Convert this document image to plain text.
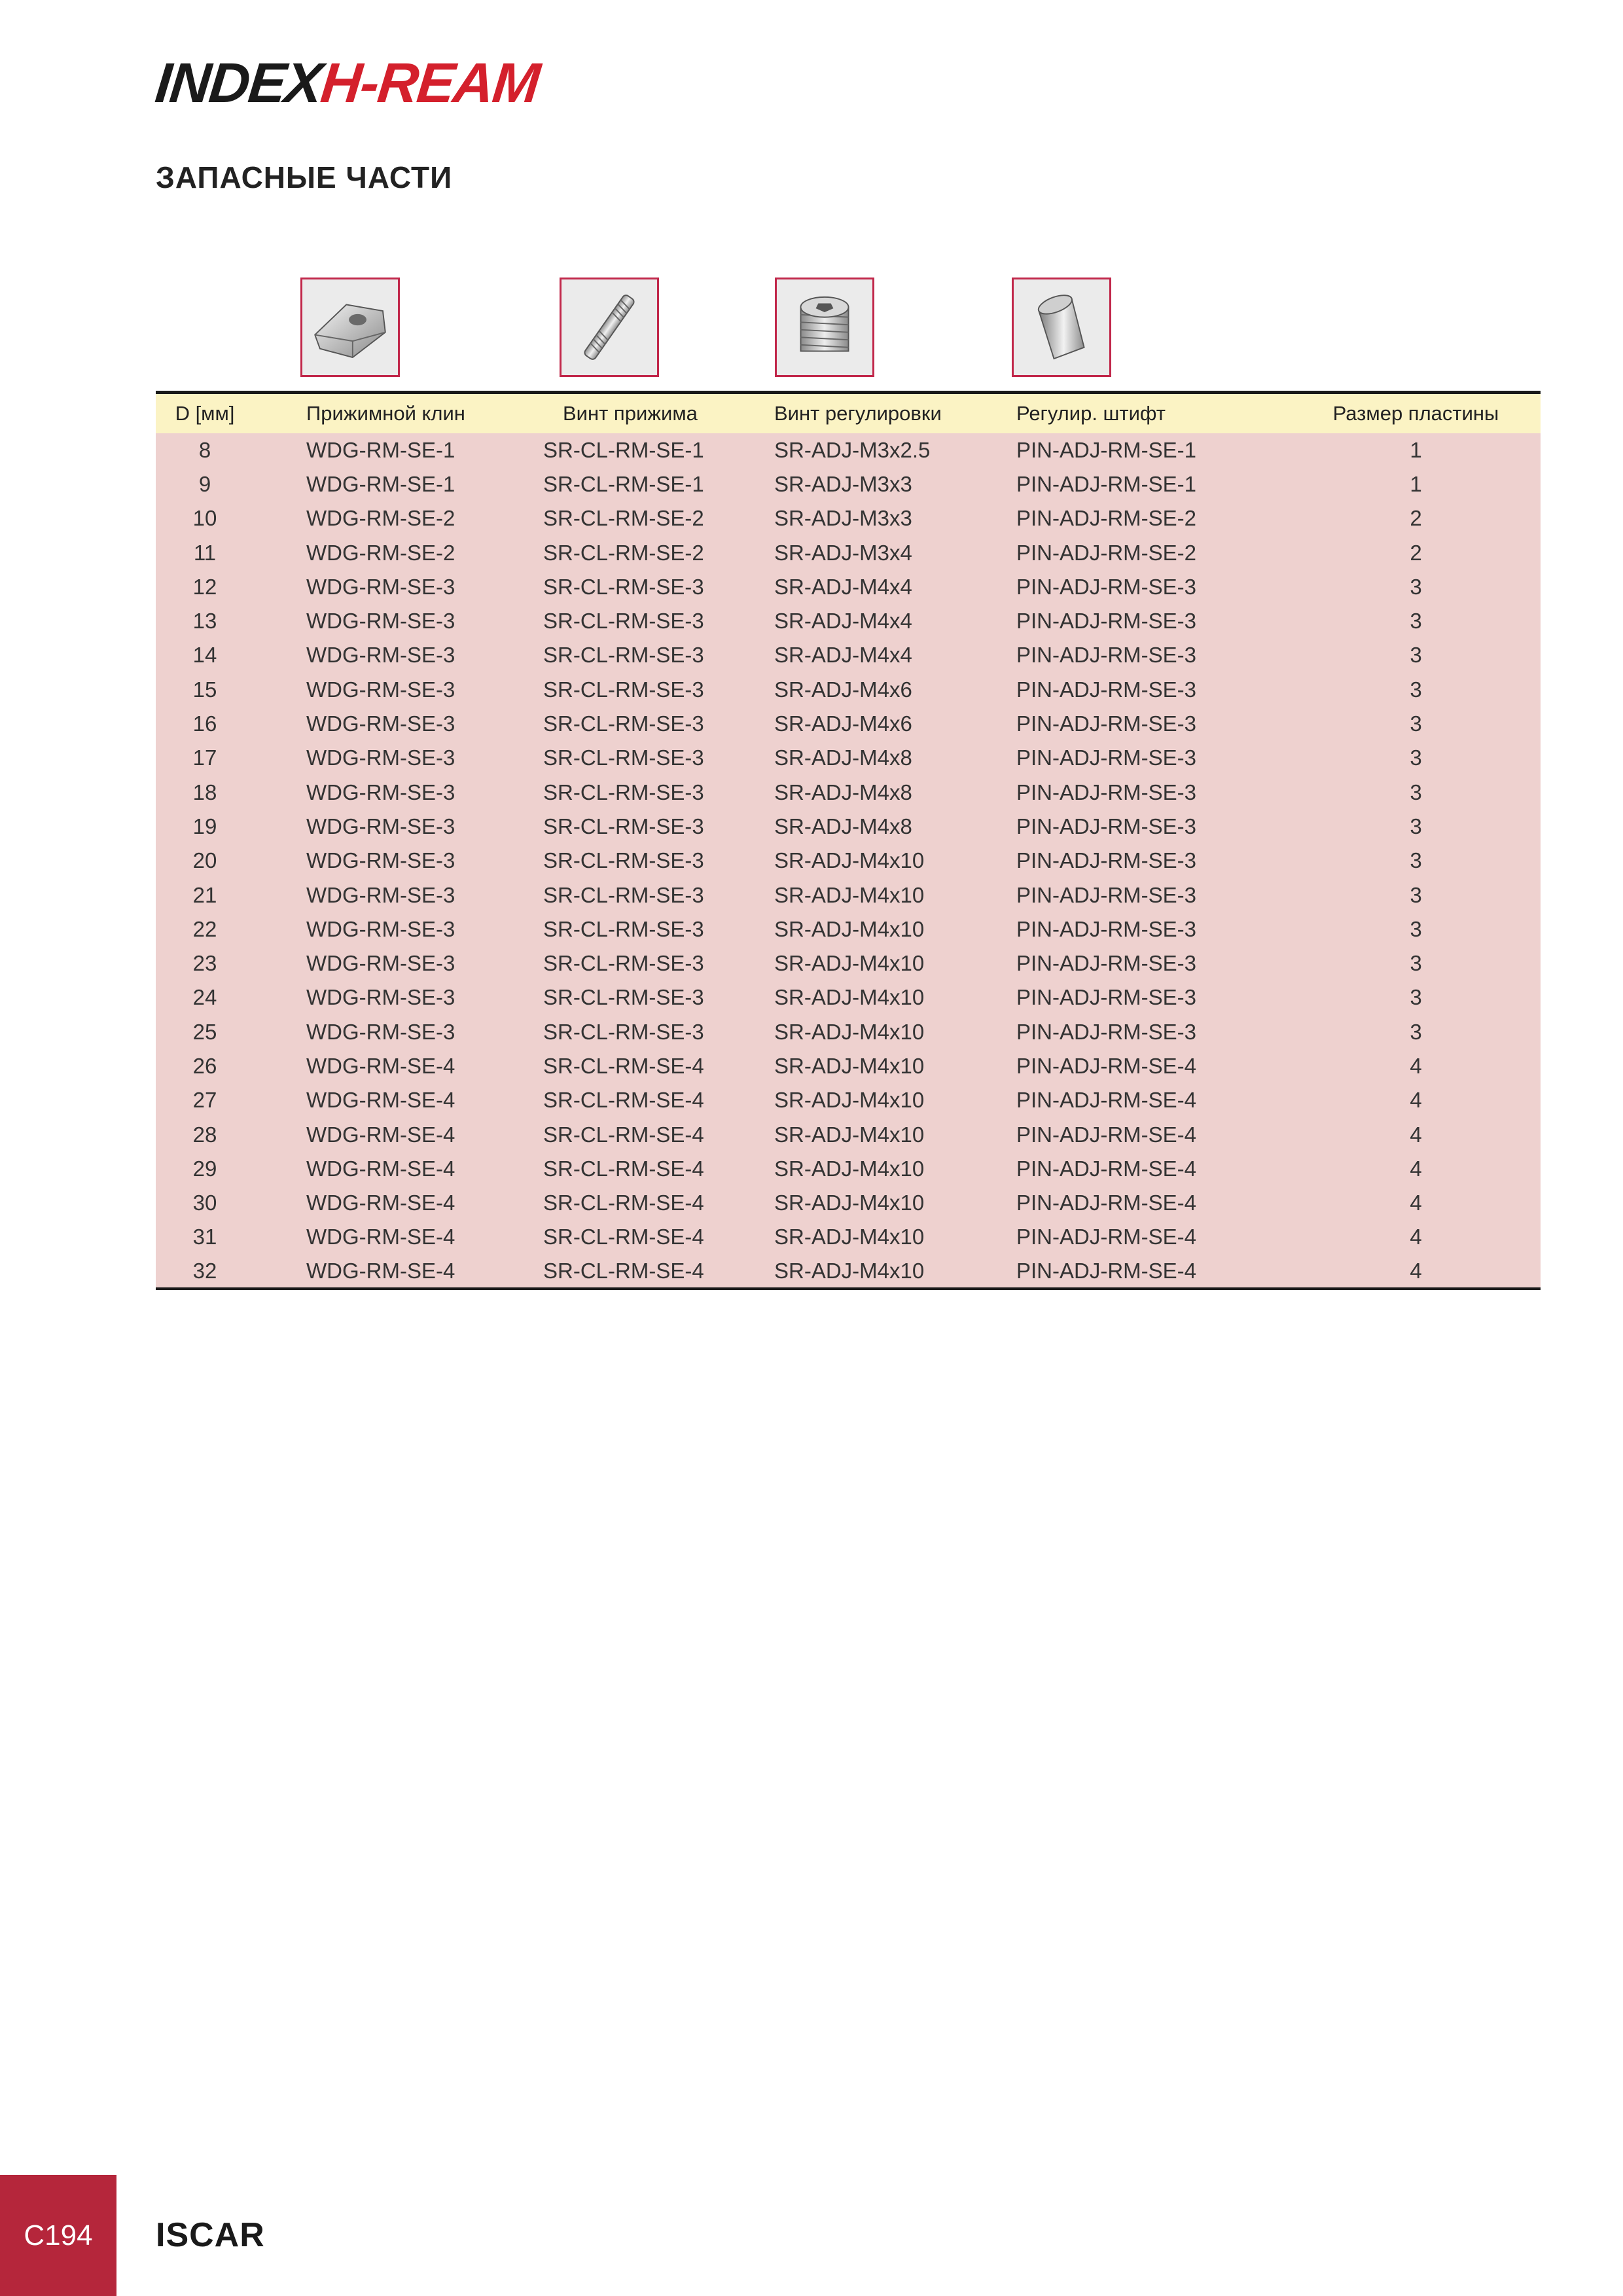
INDEXH-REAM
ЗАПАСНЫЕ ЧАСТИ
D [мм]	Прижимной клин	Винт прижима	Винт регулировки	Регулир. штифт	Размер пластины
8	WDG-RM-SE-1	SR-CL-RM-SE-1	SR-ADJ-M3x2.5	PIN-ADJ-RM-SE-1	1
9	WDG-RM-SE-1	SR-CL-RM-SE-1	SR-ADJ-M3x3	PIN-ADJ-RM-SE-1	1
10	WDG-RM-SE-2	SR-CL-RM-SE-2	SR-ADJ-M3x3	PIN-ADJ-RM-SE-2	2
11	WDG-RM-SE-2	SR-CL-RM-SE-2	SR-ADJ-M3x4	PIN-ADJ-RM-SE-2	2
12	WDG-RM-SE-3	SR-CL-RM-SE-3	SR-ADJ-M4x4	PIN-ADJ-RM-SE-3	3
13	WDG-RM-SE-3	SR-CL-RM-SE-3	SR-ADJ-M4x4	PIN-ADJ-RM-SE-3	3
14	WDG-RM-SE-3	SR-CL-RM-SE-3	SR-ADJ-M4x4	PIN-ADJ-RM-SE-3	3
15	WDG-RM-SE-3	SR-CL-RM-SE-3	SR-ADJ-M4x6	PIN-ADJ-RM-SE-3	3
16	WDG-RM-SE-3	SR-CL-RM-SE-3	SR-ADJ-M4x6	PIN-ADJ-RM-SE-3	3
17	WDG-RM-SE-3	SR-CL-RM-SE-3	SR-ADJ-M4x8	PIN-ADJ-RM-SE-3	3
18	WDG-RM-SE-3	SR-CL-RM-SE-3	SR-ADJ-M4x8	PIN-ADJ-RM-SE-3	3
19	WDG-RM-SE-3	SR-CL-RM-SE-3	SR-ADJ-M4x8	PIN-ADJ-RM-SE-3	3
20	WDG-RM-SE-3	SR-CL-RM-SE-3	SR-ADJ-M4x10	PIN-ADJ-RM-SE-3	3
21	WDG-RM-SE-3	SR-CL-RM-SE-3	SR-ADJ-M4x10	PIN-ADJ-RM-SE-3	3
22	WDG-RM-SE-3	SR-CL-RM-SE-3	SR-ADJ-M4x10	PIN-ADJ-RM-SE-3	3
23	WDG-RM-SE-3	SR-CL-RM-SE-3	SR-ADJ-M4x10	PIN-ADJ-RM-SE-3	3
24	WDG-RM-SE-3	SR-CL-RM-SE-3	SR-ADJ-M4x10	PIN-ADJ-RM-SE-3	3
25	WDG-RM-SE-3	SR-CL-RM-SE-3	SR-ADJ-M4x10	PIN-ADJ-RM-SE-3	3
26	WDG-RM-SE-4	SR-CL-RM-SE-4	SR-ADJ-M4x10	PIN-ADJ-RM-SE-4	4
27	WDG-RM-SE-4	SR-CL-RM-SE-4	SR-ADJ-M4x10	PIN-ADJ-RM-SE-4	4
28	WDG-RM-SE-4	SR-CL-RM-SE-4	SR-ADJ-M4x10	PIN-ADJ-RM-SE-4	4
29	WDG-RM-SE-4	SR-CL-RM-SE-4	SR-ADJ-M4x10	PIN-ADJ-RM-SE-4	4
30	WDG-RM-SE-4	SR-CL-RM-SE-4	SR-ADJ-M4x10	PIN-ADJ-RM-SE-4	4
31	WDG-RM-SE-4	SR-CL-RM-SE-4	SR-ADJ-M4x10	PIN-ADJ-RM-SE-4	4
32	WDG-RM-SE-4	SR-CL-RM-SE-4	SR-ADJ-M4x10	PIN-ADJ-RM-SE-4	4
C194	ISCAR
